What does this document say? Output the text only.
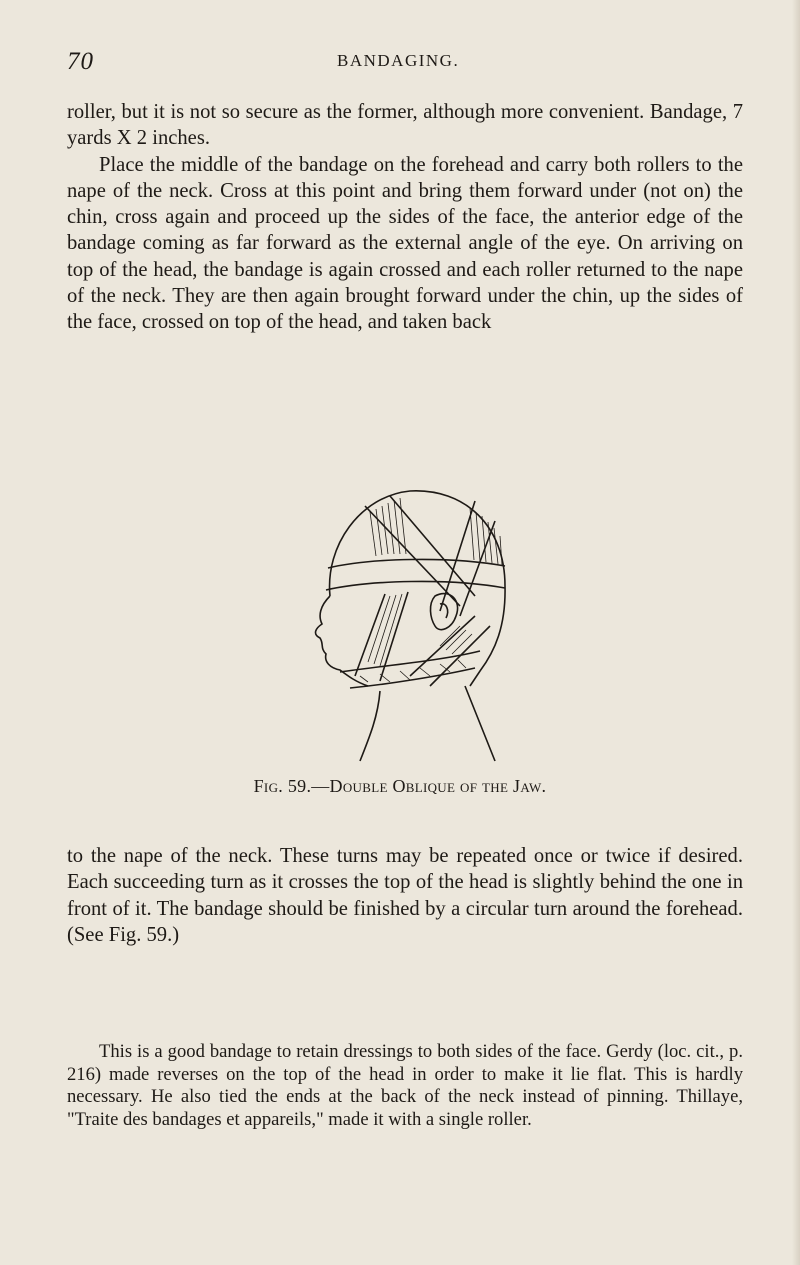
70	BANDAGING.

roller, but it is not so secure as the former, although more convenient. Bandage, 7 yards X 2 inches.

Place the middle of the bandage on the forehead and carry both rollers to the nape of the neck. Cross at this point and bring them forward under (not on) the chin, cross again and proceed up the sides of the face, the anterior edge of the bandage coming as far forward as the external angle of the eye. On arriving on top of the head, the bandage is again crossed and each roller returned to the nape of the neck. They are then again brought forward under the chin, up the sides of the face, crossed on top of the head, and taken back

Fig. 59.—Double Oblique of the Jaw.

to the nape of the neck. These turns may be repeated once or twice if desired. Each succeeding turn as it crosses the top of the head is slightly behind the one in front of it. The bandage should be finished by a circular turn around the forehead. (See Fig. 59.)

This is a good bandage to retain dressings to both sides of the face. Gerdy (loc. cit., p. 216) made reverses on the top of the head in order to make it lie flat. This is hardly necessary. He also tied the ends at the back of the neck instead of pinning. Thillaye, "Traite des bandages et appareils," made it with a single roller.
